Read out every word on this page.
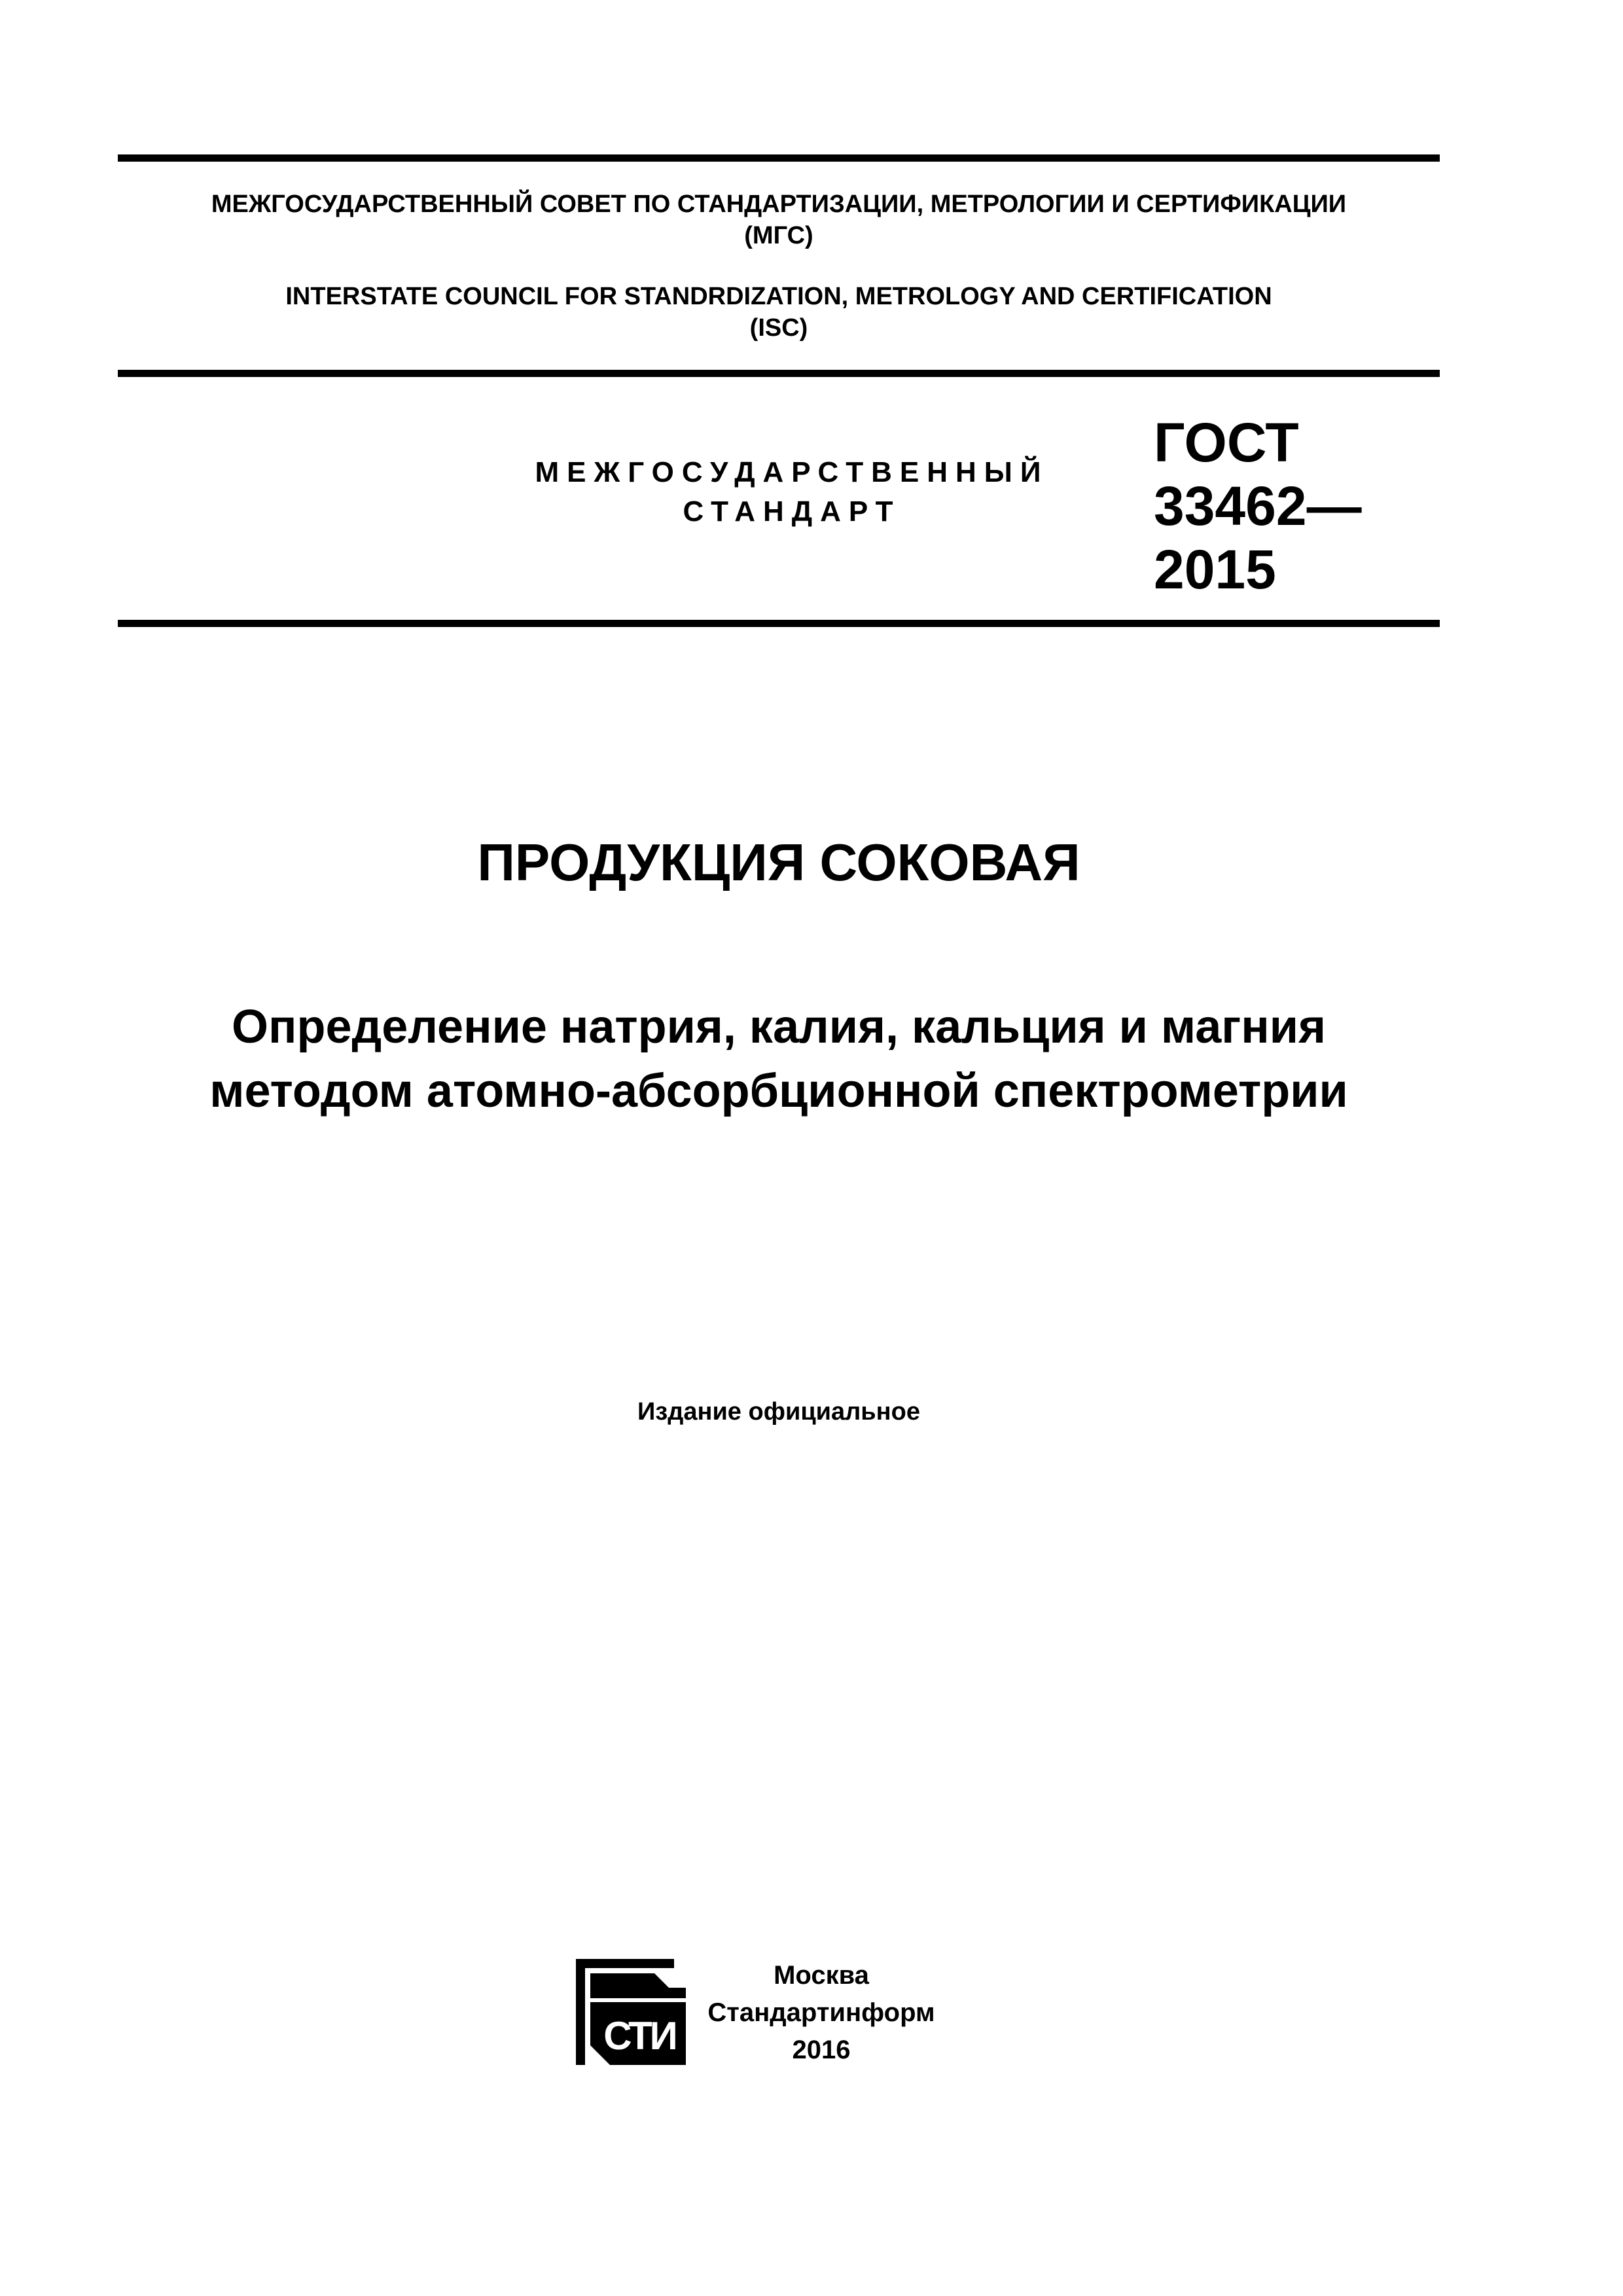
МЕЖГОСУДАРСТВЕННЫЙ СОВЕТ ПО СТАНДАРТИЗАЦИИ, МЕТРОЛОГИИ И СЕРТИФИКАЦИИ
(МГС)
INTERSTATE COUNCIL FOR STANDRDIZATION, METROLOGY AND CERTIFICATION
(ISC)
МЕЖГОСУДАРСТВЕННЫЙ
СТАНДАРТ
ГОСТ
33462—
2015
ПРОДУКЦИЯ СОКОВАЯ
Определение натрия, калия, кальция и магния
методом атомно-абсорбционной спектрометрии
Издание официальное
СТИ
Москва
Стандартинформ
2016
